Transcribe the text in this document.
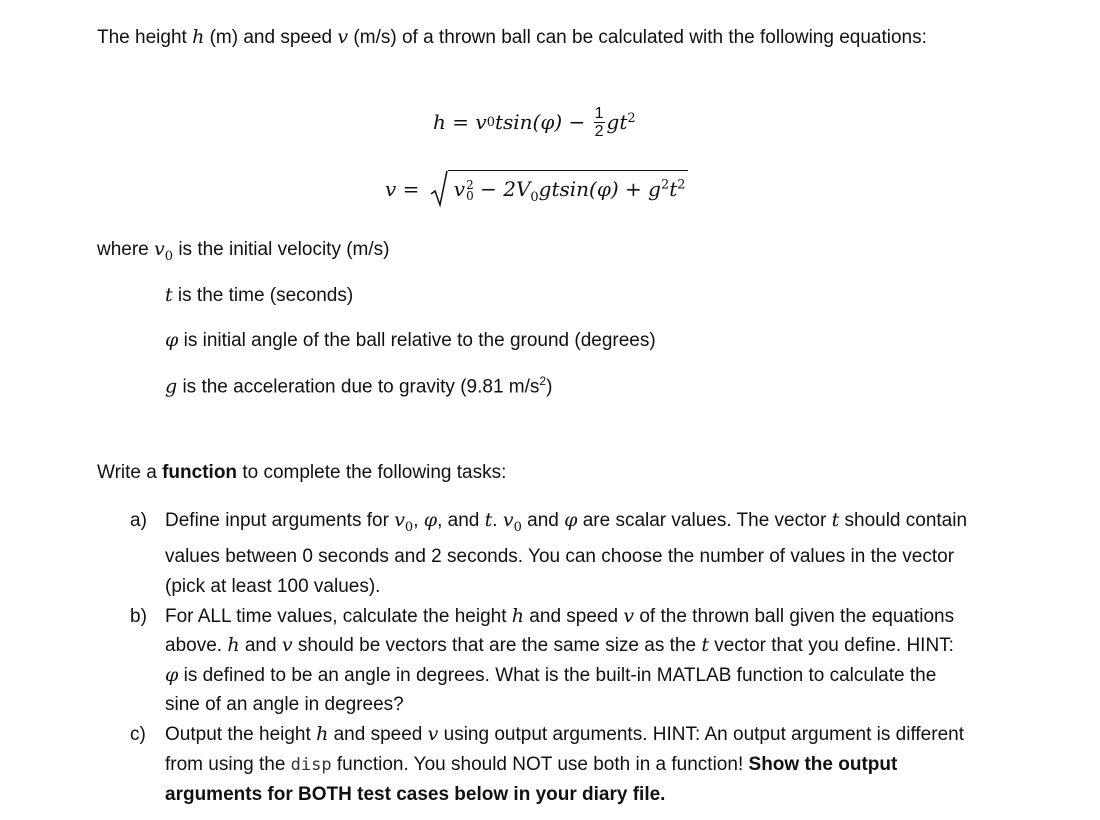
The height h (m) and speed v (m/s) of a thrown ball can be calculated with the following equations:
h = v 0 $tsin(\varphi) - \frac{1}{2} gt^2$
v =	v 2
$0 - 2V_0gtsin(\varphi) + g^2t^2$
where $v_0$ is the initial velocity (m/s)
t is the time (seconds)
φ is initial angle of the ball relative to the ground (degrees)
g is the acceleration due to gravity (9.81 $m/s^2$)
Write a function to complete the following tasks:
a) Define input arguments for $v_0$, φ, and t. $v_0$ and φ are scalar values. The vector t should contain values between 0 seconds and 2 seconds. You can choose the number of values in the vector (pick at least 100 values).
b) For ALL time values, calculate the height h and speed v of the thrown ball given the equations above. h and v should be vectors that are the same size as the t vector that you define. HINT: φ is defined to be an angle in degrees. What is the built-in MATLAB function to calculate the sine of an angle in degrees?
c) Output the height h and speed v using output arguments. HINT: An output argument is different from using the disp function. You should NOT use both in a function! Show the output arguments for BOTH test cases below in your diary file.
